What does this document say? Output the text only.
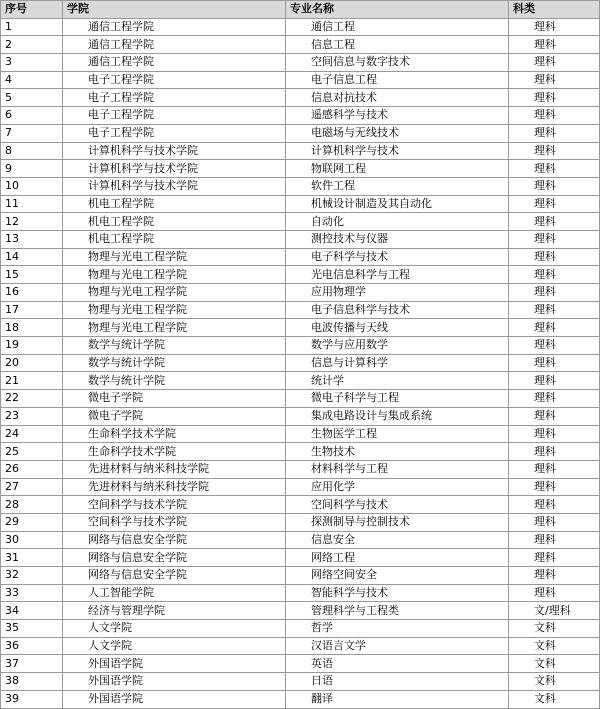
序号	学院	专业名称	科类
1	通信工程学院	通信工程	理科
2	通信工程学院	信息工程	理科
3	通信工程学院	空间信息与数字技术	理科
4	电子工程学院	电子信息工程	理科
5	电子工程学院	信息对抗技术	理科
6	电子工程学院	遥感科学与技术	理科
7	电子工程学院	电磁场与无线技术	理科
8	计算机科学与技术学院	计算机科学与技术	理科
9	计算机科学与技术学院	物联网工程	理科
10	计算机科学与技术学院	软件工程	理科
11	机电工程学院	机械设计制造及其自动化	理科
12	机电工程学院	自动化	理科
13	机电工程学院	测控技术与仪器	理科
14	物理与光电工程学院	电子科学与技术	理科
15	物理与光电工程学院	光电信息科学与工程	理科
16	物理与光电工程学院	应用物理学	理科
17	物理与光电工程学院	电子信息科学与技术	理科
18	物理与光电工程学院	电波传播与天线	理科
19	数学与统计学院	数学与应用数学	理科
20	数学与统计学院	信息与计算科学	理科
21	数学与统计学院	统计学	理科
22	微电子学院	微电子科学与工程	理科
23	微电子学院	集成电路设计与集成系统	理科
24	生命科学技术学院	生物医学工程	理科
25	生命科学技术学院	生物技术	理科
26	先进材料与纳米科技学院	材料科学与工程	理科
27	先进材料与纳米科技学院	应用化学	理科
28	空间科学与技术学院	空间科学与技术	理科
29	空间科学与技术学院	探测制导与控制技术	理科
30	网络与信息安全学院	信息安全	理科
31	网络与信息安全学院	网络工程	理科
32	网络与信息安全学院	网络空间安全	理科
33	人工智能学院	智能科学与技术	理科
34	经济与管理学院	管理科学与工程类	文/理科
35	人文学院	哲学	文科
36	人文学院	汉语言文学	文科
37	外国语学院	英语	文科
38	外国语学院	日语	文科
39	外国语学院	翻译	文科
